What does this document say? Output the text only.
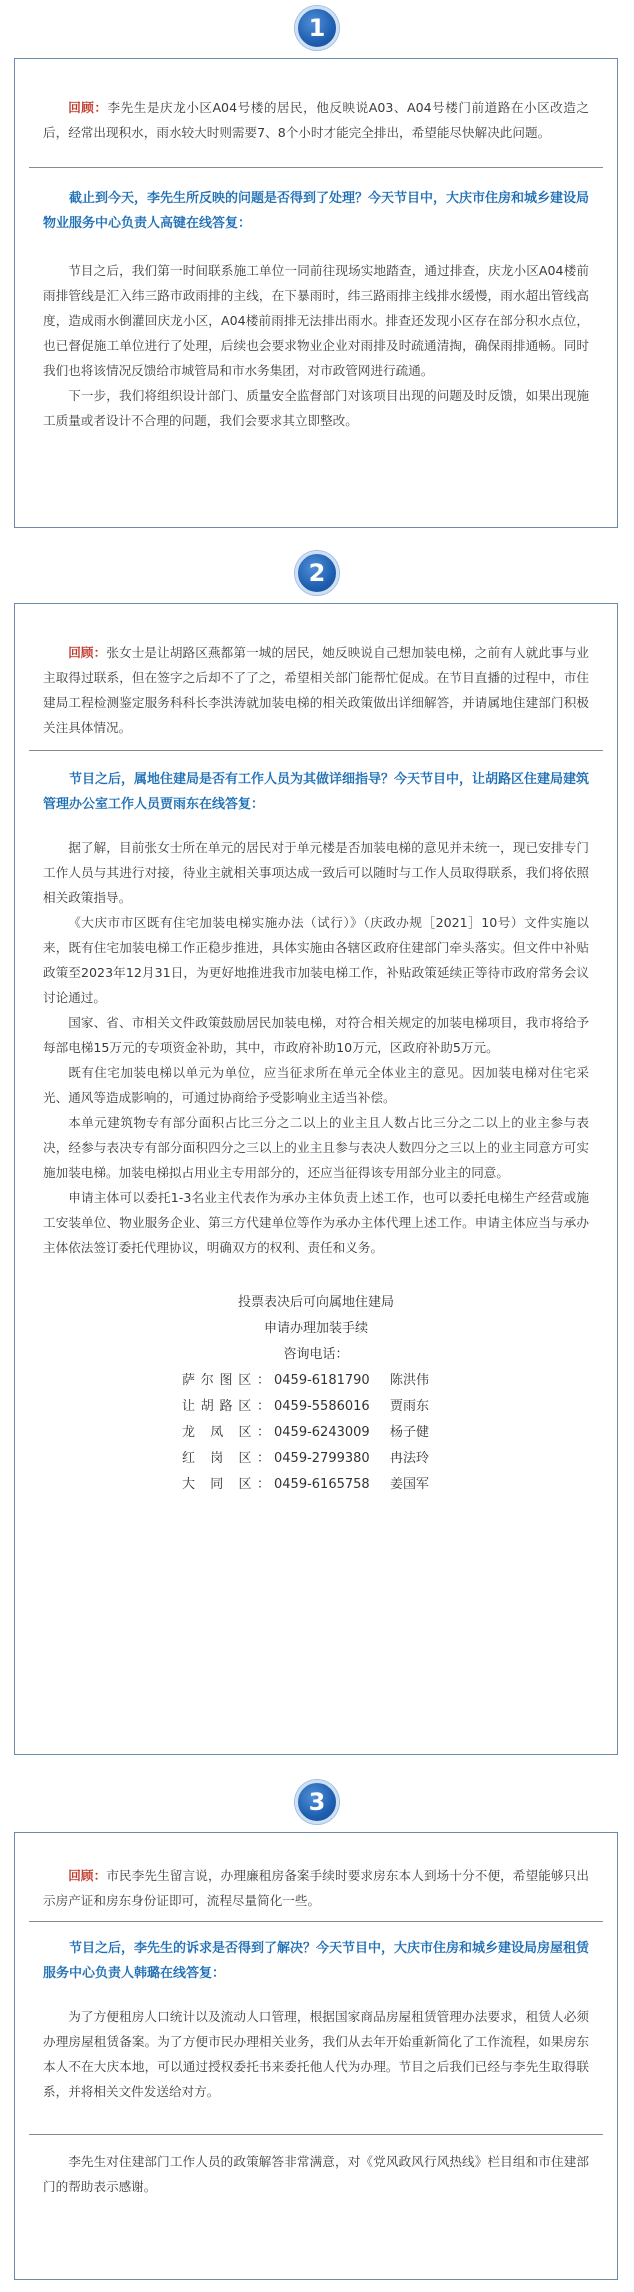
1

回顾：李先生是庆龙小区A04号楼的居民，他反映说A03、A04号楼门前道路在小区改造之后，经常出现积水，雨水较大时则需要7、8个小时才能完全排出，希望能尽快解决此问题。

截止到今天，李先生所反映的问题是否得到了处理？今天节目中，大庆市住房和城乡建设局物业服务中心负责人高键在线答复：

节目之后，我们第一时间联系施工单位一同前往现场实地踏查，通过排查，庆龙小区A04楼前雨排管线是汇入纬三路市政雨排的主线，在下暴雨时，纬三路雨排主线排水缓慢，雨水超出管线高度，造成雨水倒灌回庆龙小区，A04楼前雨排无法排出雨水。排查还发现小区存在部分积水点位，也已督促施工单位进行了处理，后续也会要求物业企业对雨排及时疏通清掏，确保雨排通畅。同时我们也将该情况反馈给市城管局和市水务集团，对市政管网进行疏通。

下一步，我们将组织设计部门、质量安全监督部门对该项目出现的问题及时反馈，如果出现施工质量或者设计不合理的问题，我们会要求其立即整改。

2

回顾：张女士是让胡路区燕都第一城的居民，她反映说自己想加装电梯，之前有人就此事与业主取得过联系，但在签字之后却不了了之，希望相关部门能帮忙促成。在节目直播的过程中，市住建局工程检测鉴定服务科科长李洪涛就加装电梯的相关政策做出详细解答，并请属地住建部门积极关注具体情况。

节目之后，属地住建局是否有工作人员为其做详细指导？今天节目中，让胡路区住建局建筑管理办公室工作人员贾雨东在线答复：

据了解，目前张女士所在单元的居民对于单元楼是否加装电梯的意见并未统一，现已安排专门工作人员与其进行对接，待业主就相关事项达成一致后可以随时与工作人员取得联系，我们将依照相关政策指导。

《大庆市市区既有住宅加装电梯实施办法（试行）》（庆政办规［2021］10号）文件实施以来，既有住宅加装电梯工作正稳步推进，具体实施由各辖区政府住建部门牵头落实。但文件中补贴政策至2023年12月31日，为更好地推进我市加装电梯工作，补贴政策延续正等待市政府常务会议讨论通过。

国家、省、市相关文件政策鼓励居民加装电梯，对符合相关规定的加装电梯项目，我市将给予每部电梯15万元的专项资金补助，其中，市政府补助10万元，区政府补助5万元。

既有住宅加装电梯以单元为单位，应当征求所在单元全体业主的意见。因加装电梯对住宅采光、通风等造成影响的，可通过协商给予受影响业主适当补偿。

本单元建筑物专有部分面积占比三分之二以上的业主且人数占比三分之二以上的业主参与表决，经参与表决专有部分面积四分之三以上的业主且参与表决人数四分之三以上的业主同意方可实施加装电梯。加装电梯拟占用业主专用部分的，还应当征得该专用部分业主的同意。

申请主体可以委托1-3名业主代表作为承办主体负责上述工作，也可以委托电梯生产经营或施工安装单位、物业服务企业、第三方代建单位等作为承办主体代理上述工作。申请主体应当与承办主体依法签订委托代理协议，明确双方的权利、责任和义务。

投票表决后可向属地住建局

申请办理加装手续

咨询电话：

萨尔图区： 0459-6181790	陈洪伟
让胡路区： 0459-5586016	贾雨东
龙 凤 区： 0459-6243009	杨子健
红 岗 区： 0459-2799380	冉法玲
大 同 区： 0459-6165758	姜国军
3

回顾：市民李先生留言说，办理廉租房备案手续时要求房东本人到场十分不便，希望能够只出示房产证和房东身份证即可，流程尽量简化一些。

节目之后，李先生的诉求是否得到了解决？今天节目中，大庆市住房和城乡建设局房屋租赁服务中心负责人韩璐在线答复：

为了方便租房人口统计以及流动人口管理，根据国家商品房屋租赁管理办法要求，租赁人必须办理房屋租赁备案。为了方便市民办理相关业务，我们从去年开始重新简化了工作流程，如果房东本人不在大庆本地，可以通过授权委托书来委托他人代为办理。节目之后我们已经与李先生取得联系，并将相关文件发送给对方。

李先生对住建部门工作人员的政策解答非常满意，对《党风政风行风热线》栏目组和市住建部门的帮助表示感谢。
